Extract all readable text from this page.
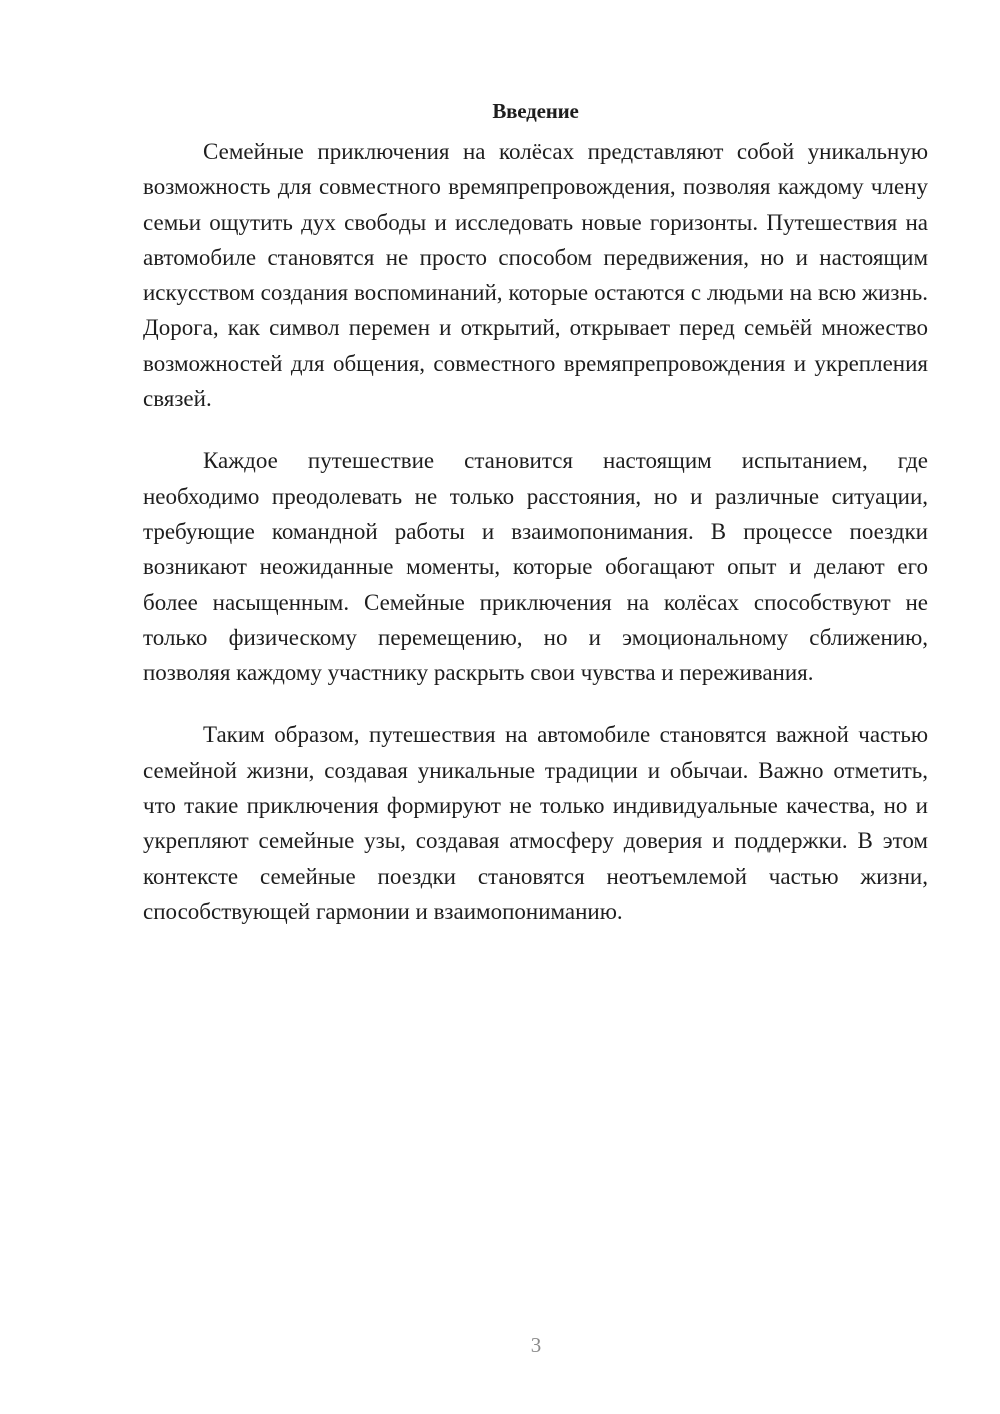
Введение

Семейные приключения на колёсах представляют собой уникальную возможность для совместного времяпрепровождения, позволяя каждому члену семьи ощутить дух свободы и исследовать новые горизонты. Путешествия на автомобиле становятся не просто способом передвижения, но и настоящим искусством создания воспоминаний, которые остаются с людьми на всю жизнь. Дорога, как символ перемен и открытий, открывает перед семьёй множество возможностей для общения, совместного времяпрепровождения и укрепления связей.

Каждое путешествие становится настоящим испытанием, где необходимо преодолевать не только расстояния, но и различные ситуации, требующие командной работы и взаимопонимания. В процессе поездки возникают неожиданные моменты, которые обогащают опыт и делают его более насыщенным. Семейные приключения на колёсах способствуют не только физическому перемещению, но и эмоциональному сближению, позволяя каждому участнику раскрыть свои чувства и переживания.

Таким образом, путешествия на автомобиле становятся важной частью семейной жизни, создавая уникальные традиции и обычаи. Важно отметить, что такие приключения формируют не только индивидуальные качества, но и укрепляют семейные узы, создавая атмосферу доверия и поддержки. В этом контексте семейные поездки становятся неотъемлемой частью жизни, способствующей гармонии и взаимопониманию.

3
